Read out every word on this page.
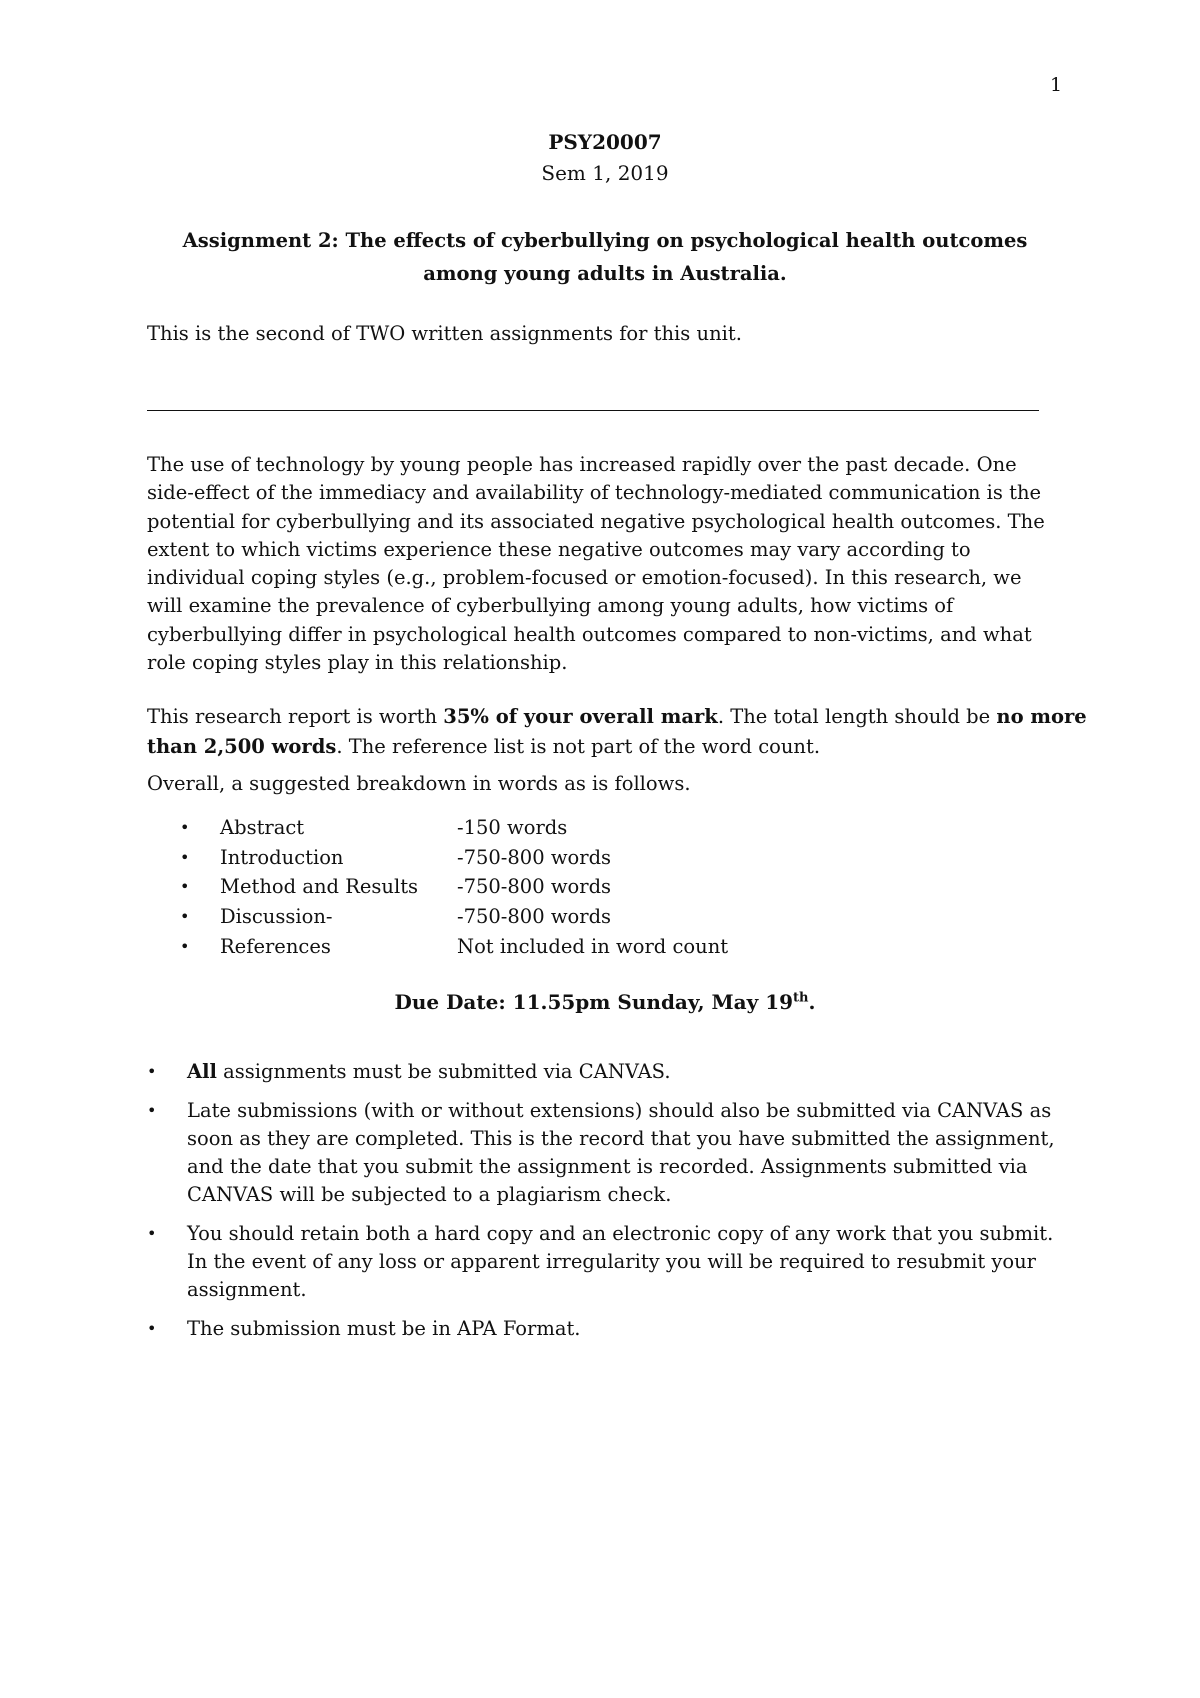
1
PSY20007
Sem 1, 2019
Assignment 2: The effects of cyberbullying on psychological health outcomes among young adults in Australia.
This is the second of TWO written assignments for this unit.

The use of technology by young people has increased rapidly over the past decade. One side-effect of the immediacy and availability of technology-mediated communication is the potential for cyberbullying and its associated negative psychological health outcomes. The extent to which victims experience these negative outcomes may vary according to individual coping styles (e.g., problem-focused or emotion-focused). In this research, we will examine the prevalence of cyberbullying among young adults, how victims of cyberbullying differ in psychological health outcomes compared to non-victims, and what role coping styles play in this relationship.

This research report is worth 35% of your overall mark. The total length should be no more than 2,500 words. The reference list is not part of the word count.

Overall, a suggested breakdown in words as is follows.
• Abstract	-150 words
• Introduction	-750-800 words
• Method and Results -750-800 words
• Discussion-	-750-800 words
• References	Not included in word count
Due Date: 11.55pm Sunday, May 19th.
• All assignments must be submitted via CANVAS.
• Late submissions (with or without extensions) should also be submitted via CANVAS as soon as they are completed. This is the record that you have submitted the assignment, and the date that you submit the assignment is recorded. Assignments submitted via CANVAS will be subjected to a plagiarism check.
• You should retain both a hard copy and an electronic copy of any work that you submit. In the event of any loss or apparent irregularity you will be required to resubmit your assignment.
• The submission must be in APA Format.
